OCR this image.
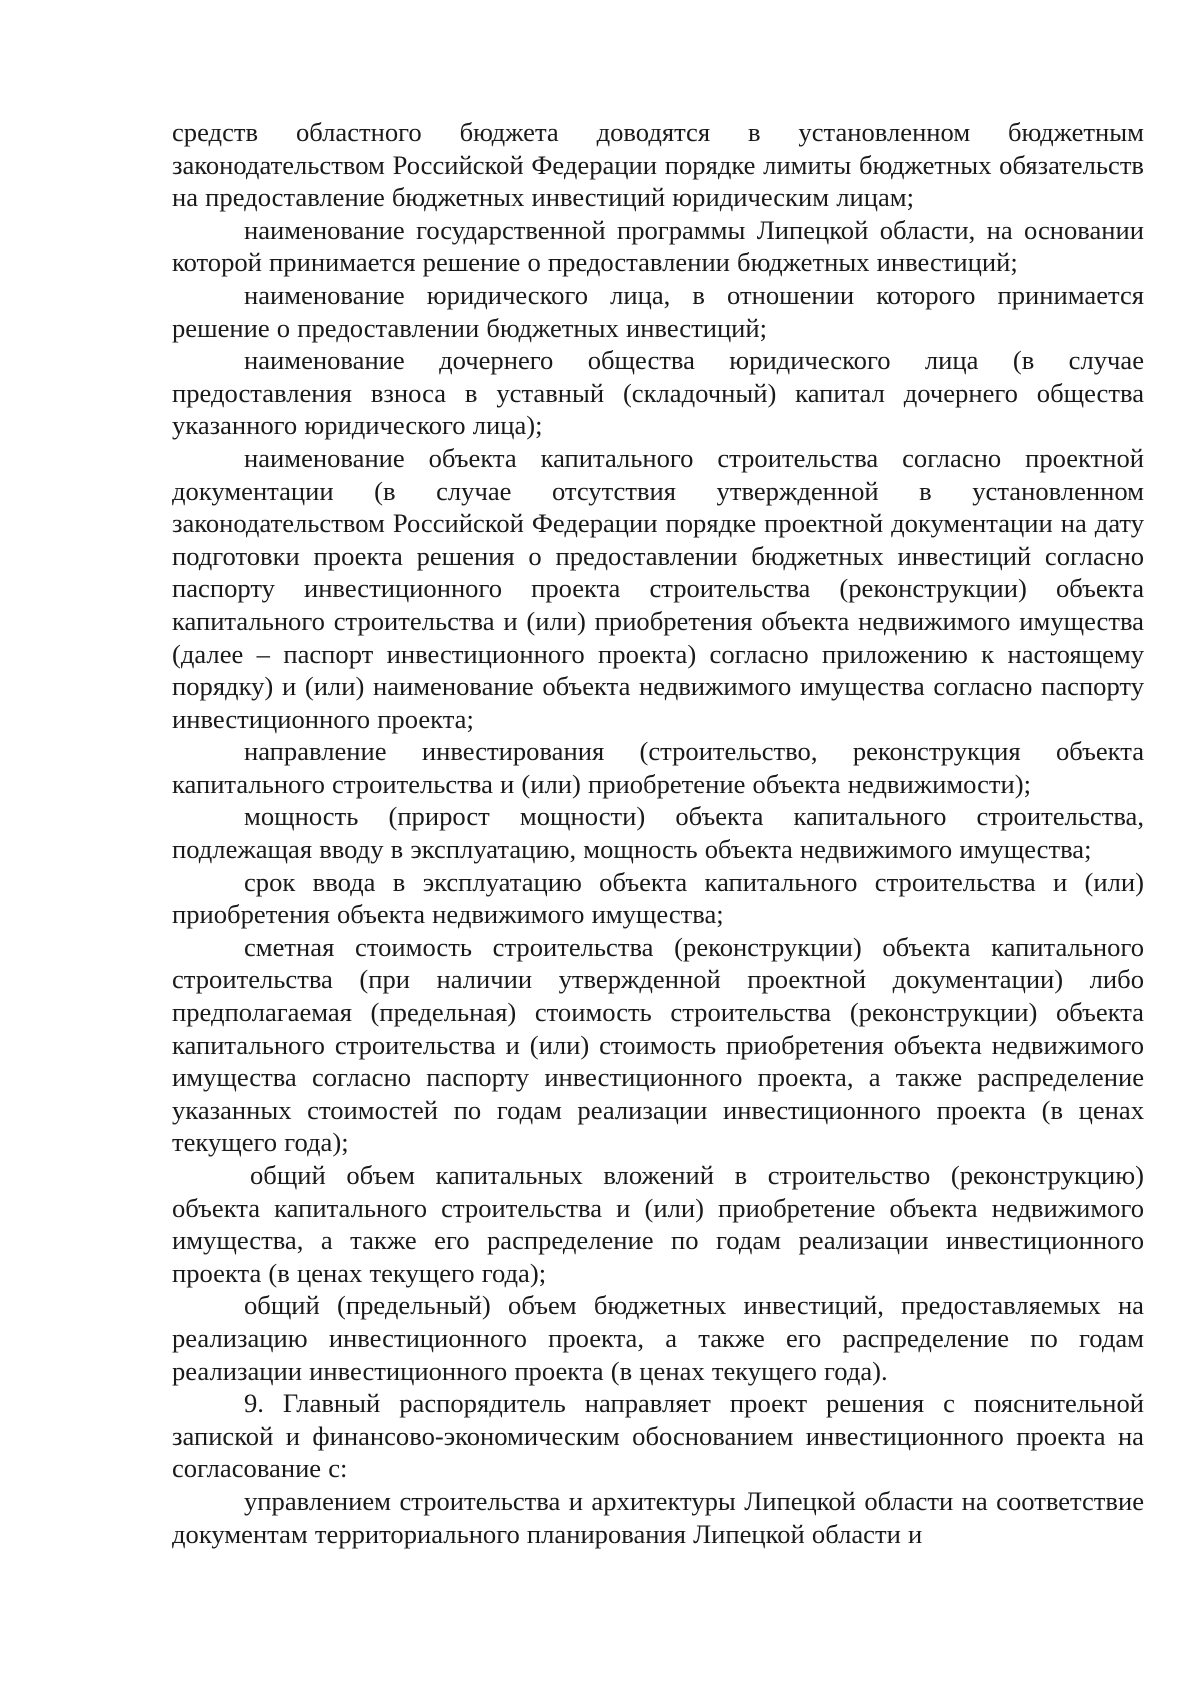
средств областного бюджета доводятся в установленном бюджетным законодательством Российской Федерации порядке лимиты бюджетных обязательств на предоставление бюджетных инвестиций юридическим лицам;

наименование государственной программы Липецкой области, на основании которой принимается решение о предоставлении бюджетных инвестиций;

наименование юридического лица, в отношении которого принимается решение о предоставлении бюджетных инвестиций;

наименование дочернего общества юридического лица (в случае предоставления взноса в уставный (складочный) капитал дочернего общества указанного юридического лица);

наименование объекта капитального строительства согласно проектной документации (в случае отсутствия утвержденной в установленном законодательством Российской Федерации порядке проектной документации на дату подготовки проекта решения о предоставлении бюджетных инвестиций согласно паспорту инвестиционного проекта строительства (реконструкции) объекта капитального строительства и (или) приобретения объекта недвижимого имущества (далее – паспорт инвестиционного проекта) согласно приложению к настоящему порядку) и (или) наименование объекта недвижимого имущества согласно паспорту инвестиционного проекта;

направление инвестирования (строительство, реконструкция объекта капитального строительства и (или) приобретение объекта недвижимости);

мощность (прирост мощности) объекта капитального строительства, подлежащая вводу в эксплуатацию, мощность объекта недвижимого имущества;

срок ввода в эксплуатацию объекта капитального строительства и (или) приобретения объекта недвижимого имущества;

сметная стоимость строительства (реконструкции) объекта капитального строительства (при наличии утвержденной проектной документации) либо предполагаемая (предельная) стоимость строительства (реконструкции) объекта капитального строительства и (или) стоимость приобретения объекта недвижимого имущества согласно паспорту инвестиционного проекта, а также распределение указанных стоимостей по годам реализации инвестиционного проекта (в ценах текущего года);

общий объем капитальных вложений в строительство (реконструкцию) объекта капитального строительства и (или) приобретение объекта недвижимого имущества, а также его распределение по годам реализации инвестиционного проекта (в ценах текущего года);

общий (предельный) объем бюджетных инвестиций, предоставляемых на реализацию инвестиционного проекта, а также его распределение по годам реализации инвестиционного проекта (в ценах текущего года).

9. Главный распорядитель направляет проект решения с пояснительной запиской и финансово-экономическим обоснованием инвестиционного проекта на согласование с:

управлением строительства и архитектуры Липецкой области на соответствие документам территориального планирования Липецкой области и
